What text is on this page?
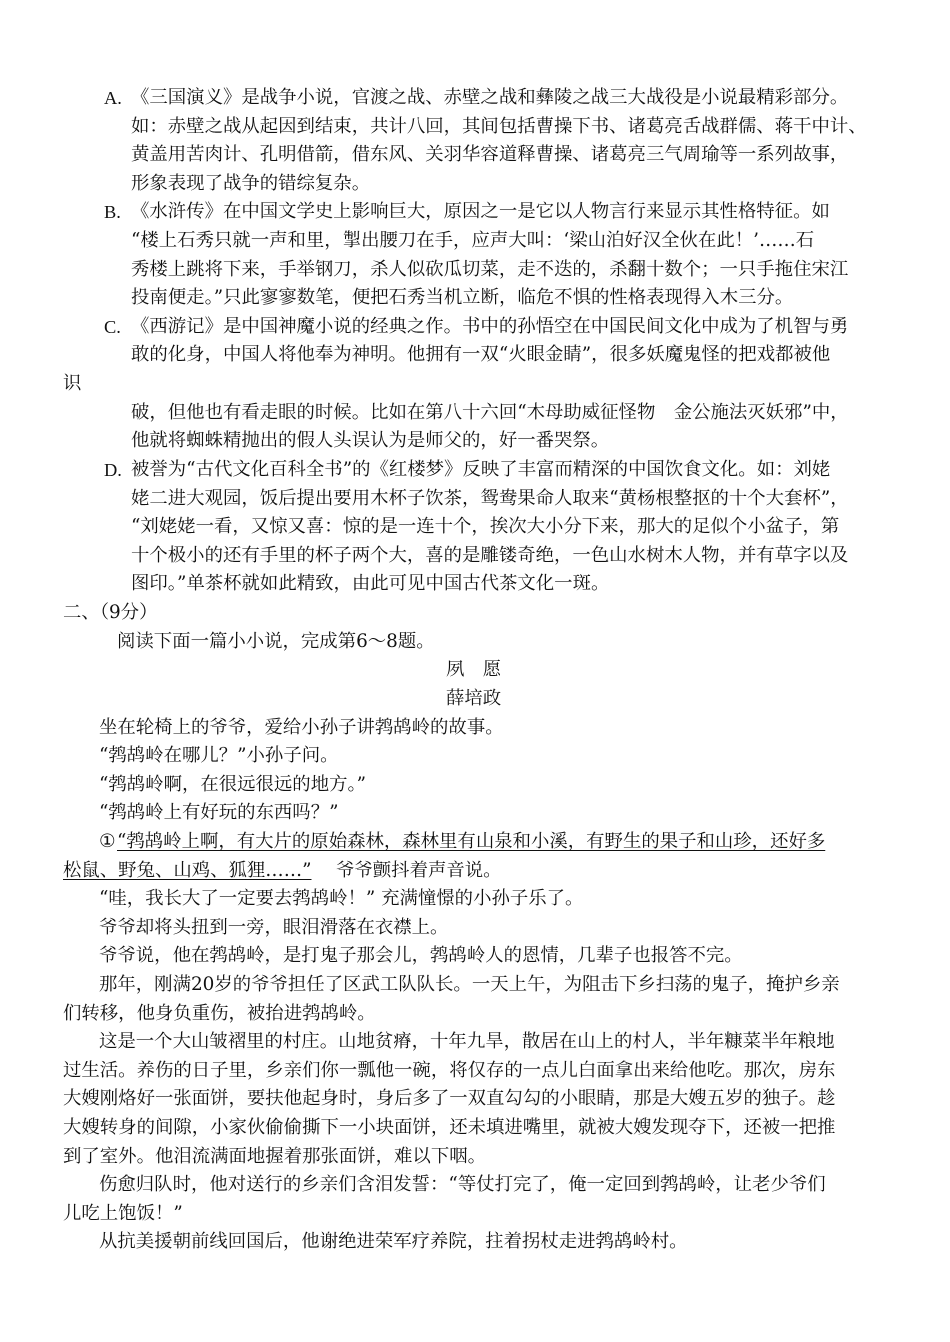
A. 《三国演义》是战争小说，官渡之战、赤壁之战和彝陵之战三大战役是小说最精彩部分。
如：赤壁之战从起因到结束，共计八回，其间包括曹操下书、诸葛亮舌战群儒、蒋干中计、
黄盖用苦肉计、孔明借箭，借东风、关羽华容道释曹操、诸葛亮三气周瑜等一系列故事，
形象表现了战争的错综复杂。
B. 《水浒传》在中国文学史上影响巨大，原因之一是它以人物言行来显示其性格特征。如
“楼上石秀只就一声和里，掣出腰刀在手，应声大叫：‘梁山泊好汉全伙在此！’……石
秀楼上跳将下来，手举钢刀，杀人似砍瓜切菜，走不迭的，杀翻十数个；一只手拖住宋江
投南便走。”只此寥寥数笔，便把石秀当机立断，临危不惧的性格表现得入木三分。
C. 《西游记》是中国神魔小说的经典之作。书中的孙悟空在中国民间文化中成为了机智与勇
敢的化身，中国人将他奉为神明。他拥有一双“火眼金睛”，很多妖魔鬼怪的把戏都被他
识
破，但他也有看走眼的时候。比如在第八十六回“木母助威征怪物　金公施法灭妖邪”中，
他就将蜘蛛精抛出的假人头误认为是师父的，好一番哭祭。
D. 被誉为“古代文化百科全书”的《红楼梦》反映了丰富而精深的中国饮食文化。如：刘姥
姥二进大观园，饭后提出要用木杯子饮茶，鸳鸯果命人取来“黄杨根整抠的十个大套杯”，
“刘姥姥一看，又惊又喜：惊的是一连十个，挨次大小分下来，那大的足似个小盆子，第
十个极小的还有手里的杯子两个大，喜的是雕镂奇绝，一色山水树木人物，并有草字以及
图印。”单茶杯就如此精致，由此可见中国古代茶文化一斑。
二、（9分）
阅读下面一篇小小说，完成第6～8题。
夙　愿
薛培政
坐在轮椅上的爷爷，爱给小孙子讲鹁鸪岭的故事。
“鹁鸪岭在哪儿？”小孙子问。
“鹁鸪岭啊，在很远很远的地方。”
“鹁鸪岭上有好玩的东西吗？”
① “鹁鸪岭上啊，有大片的原始森林，森林里有山泉和小溪，有野生的果子和山珍，还好多
松鼠、野兔、山鸡、狐狸……” 爷爷颤抖着声音说。
“哇，我长大了一定要去鹁鸪岭！” 充满憧憬的小孙子乐了。
爷爷却将头扭到一旁，眼泪滑落在衣襟上。
爷爷说，他在鹁鸪岭，是打鬼子那会儿，鹁鸪岭人的恩情，几辈子也报答不完。
那年，刚满20岁的爷爷担任了区武工队队长。一天上午，为阻击下乡扫荡的鬼子，掩护乡亲
们转移，他身负重伤，被抬进鹁鸪岭。
这是一个大山皱褶里的村庄。山地贫瘠，十年九旱，散居在山上的村人，半年糠菜半年粮地
过生活。养伤的日子里，乡亲们你一瓢他一碗，将仅存的一点儿白面拿出来给他吃。那次，房东
大嫂刚烙好一张面饼，要扶他起身时，身后多了一双直勾勾的小眼睛，那是大嫂五岁的独子。趁
大嫂转身的间隙，小家伙偷偷撕下一小块面饼，还未填进嘴里，就被大嫂发现夺下，还被一把推
到了室外。他泪流满面地握着那张面饼，难以下咽。
伤愈归队时，他对送行的乡亲们含泪发誓：“等仗打完了，俺一定回到鹁鸪岭，让老少爷们
儿吃上饱饭！”
从抗美援朝前线回国后，他谢绝进荣军疗养院，拄着拐杖走进鹁鸪岭村。
